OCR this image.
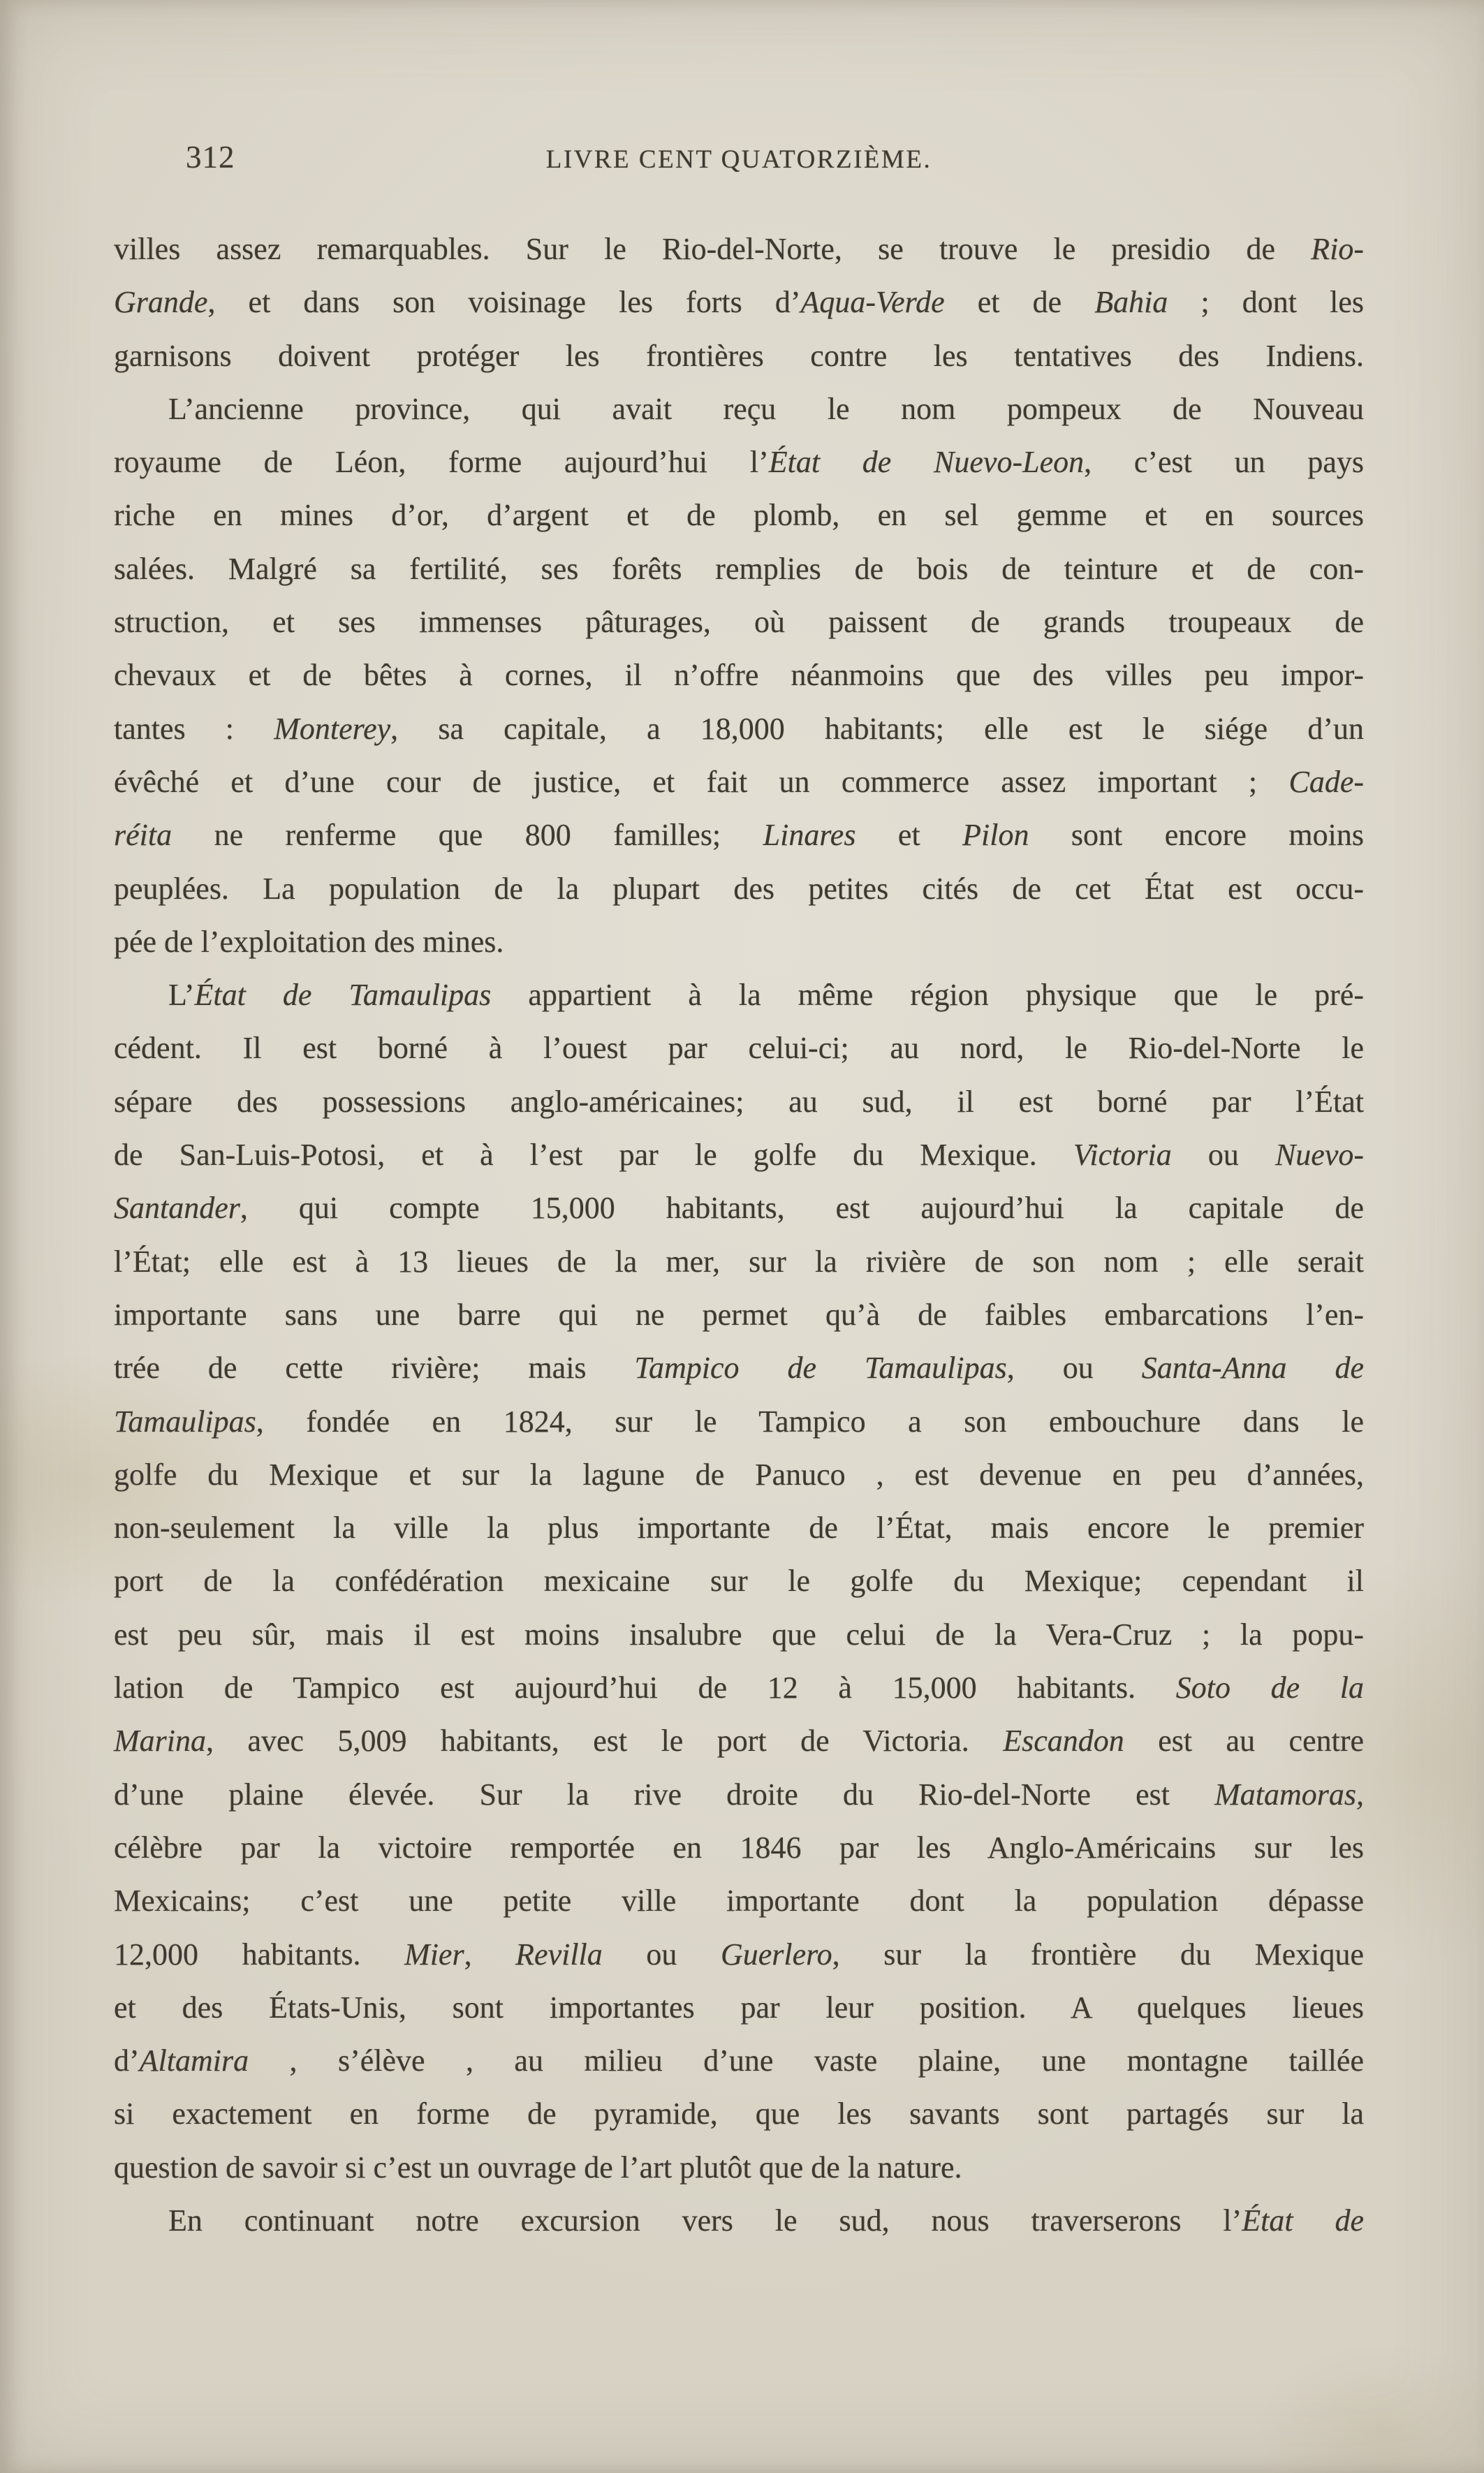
312	LIVRE CENT QUATORZIÈME.
villes assez remarquables. Sur le Rio-del-Norte, se trouve le presidio de Rio-
Grande, et dans son voisinage les forts d’Aqua-Verde et de Bahia ; dont les
garnisons doivent protéger les frontières contre les tentatives des Indiens.
L’ancienne province, qui avait reçu le nom pompeux de Nouveau
royaume de Léon, forme aujourd’hui l’État de Nuevo-Leon, c’est un pays
riche en mines d’or, d’argent et de plomb, en sel gemme et en sources
salées. Malgré sa fertilité, ses forêts remplies de bois de teinture et de con-
struction, et ses immenses pâturages, où paissent de grands troupeaux de
chevaux et de bêtes à cornes, il n’offre néanmoins que des villes peu impor-
tantes : Monterey, sa capitale, a 18,000 habitants; elle est le siége d’un
évêché et d’une cour de justice, et fait un commerce assez important ; Cade-
réita ne renferme que 800 familles; Linares et Pilon sont encore moins
peuplées. La population de la plupart des petites cités de cet État est occu-
pée de l’exploitation des mines.
L’État de Tamaulipas appartient à la même région physique que le pré-
cédent. Il est borné à l’ouest par celui-ci; au nord, le Rio-del-Norte le
sépare des possessions anglo-américaines; au sud, il est borné par l’État
de San-Luis-Potosi, et à l’est par le golfe du Mexique. Victoria ou Nuevo-
Santander, qui compte 15,000 habitants, est aujourd’hui la capitale de
l’État; elle est à 13 lieues de la mer, sur la rivière de son nom ; elle serait
importante sans une barre qui ne permet qu’à de faibles embarcations l’en-
trée de cette rivière; mais Tampico de Tamaulipas, ou Santa-Anna de
Tamaulipas, fondée en 1824, sur le Tampico a son embouchure dans le
golfe du Mexique et sur la lagune de Panuco , est devenue en peu d’années,
non-seulement la ville la plus importante de l’État, mais encore le premier
port de la confédération mexicaine sur le golfe du Mexique; cependant il
est peu sûr, mais il est moins insalubre que celui de la Vera-Cruz ; la popu-
lation de Tampico est aujourd’hui de 12 à 15,000 habitants. Soto de la
Marina, avec 5,009 habitants, est le port de Victoria. Escandon est au centre
d’une plaine élevée. Sur la rive droite du Rio-del-Norte est Matamoras,
célèbre par la victoire remportée en 1846 par les Anglo-Américains sur les
Mexicains; c’est une petite ville importante dont la population dépasse
12,000 habitants. Mier, Revilla ou Guerlero, sur la frontière du Mexique
et des États-Unis, sont importantes par leur position. A quelques lieues
d’Altamira , s’élève , au milieu d’une vaste plaine, une montagne taillée
si exactement en forme de pyramide, que les savants sont partagés sur la
question de savoir si c’est un ouvrage de l’art plutôt que de la nature.
En continuant notre excursion vers le sud, nous traverserons l’État de
